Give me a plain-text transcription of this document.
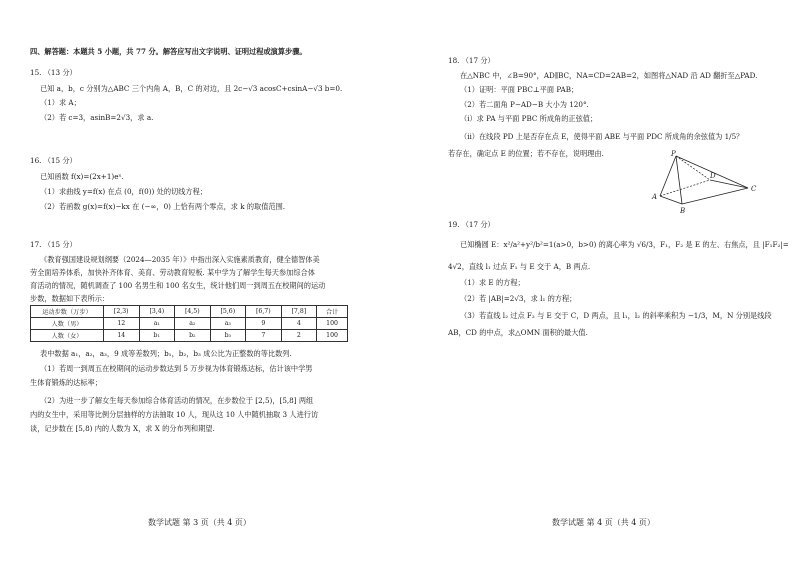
四、解答题：本题共 5 小题，共 77 分。解答应写出文字说明、证明过程或演算步骤。
15. （13 分）
已知 a，b，c 分别为△ABC 三个内角 A，B，C 的对边，且 2c−√3 acosC+csinA−√3 b=0.
（1）求 A；
（2）若 c=3，asinB=2√3，求 a.
16. （15 分）
已知函数 f(x)=(2x+1)eˣ.
（1）求曲线 y=f(x) 在点 (0，f(0)) 处的切线方程；
（2）若函数 g(x)=f(x)−kx 在 (−∞，0) 上恰有两个零点，求 k 的取值范围.
17. （15 分）
《教育强国建设规划纲要（2024—2035 年）》中指出深入实施素质教育，健全德智体美
劳全面培养体系，加快补齐体育、美育、劳动教育短板. 某中学为了解学生每天参加综合体
育活动的情况，随机调查了 100 名男生和 100 名女生，统计他们周一到周五在校期间的运动
步数，数据如下表所示：
运动步数（万步）	[2,3)	[3,4)	[4,5)	[5,6)	[6,7)	[7,8]	合计
人数（男）	12	a₁	a₂	a₃	9	4	100
人数（女）	14	b₁	b₂	b₃	7	2	100
表中数据 a₁，a₂，a₃，9 成等差数列；b₁，b₂，b₃ 成公比为正整数的等比数列.
（1）若周一到周五在校期间的运动步数达到 5 万步视为体育锻炼达标，估计该中学男
生体育锻炼的达标率；
（2）为进一步了解女生每天参加综合体育活动的情况，在步数位于 [2,5)，[5,8] 两组
内的女生中，采用等比例分层抽样的方法抽取 10 人，现从这 10 人中随机抽取 3 人进行访
谈，记步数在 [5,8) 内的人数为 X，求 X 的分布列和期望.
数学试题 第 3 页（共 4 页）
18. （17 分）
在△NBC 中，∠B=90°，AD∥BC，NA=CD=2AB=2，如图将△NAD 沿 AD 翻折至△PAD.
（1）证明：平面 PBC⊥平面 PAB；
（2）若二面角 P−AD−B 大小为 120°.
（ⅰ）求 PA 与平面 PBC 所成角的正弦值；
（ⅱ）在线段 PD 上是否存在点 E，使得平面 ABE 与平面 PDC 所成角的余弦值为 1/5？
若存在，确定点 E 的位置；若不存在，说明理由.
19. （17 分）
已知椭圆 E：x²/a²+y²/b²=1(a>0，b>0) 的离心率为 √6/3，F₁，F₂ 是 E 的左、右焦点，且 |F₁F₂|=
4√2，直线 l₁ 过点 F₁ 与 E 交于 A，B 两点.
（1）求 E 的方程；
（2）若 |AB|=2√3，求 l₁ 的方程；
（3）若直线 l₂ 过点 F₂ 与 E 交于 C，D 两点，且 l₁，l₂ 的斜率乘积为 −1/3，M，N 分别是线段
AB，CD 的中点，求△OMN 面积的最大值.
数学试题 第 4 页（共 4 页）
P
A
B
D
C
